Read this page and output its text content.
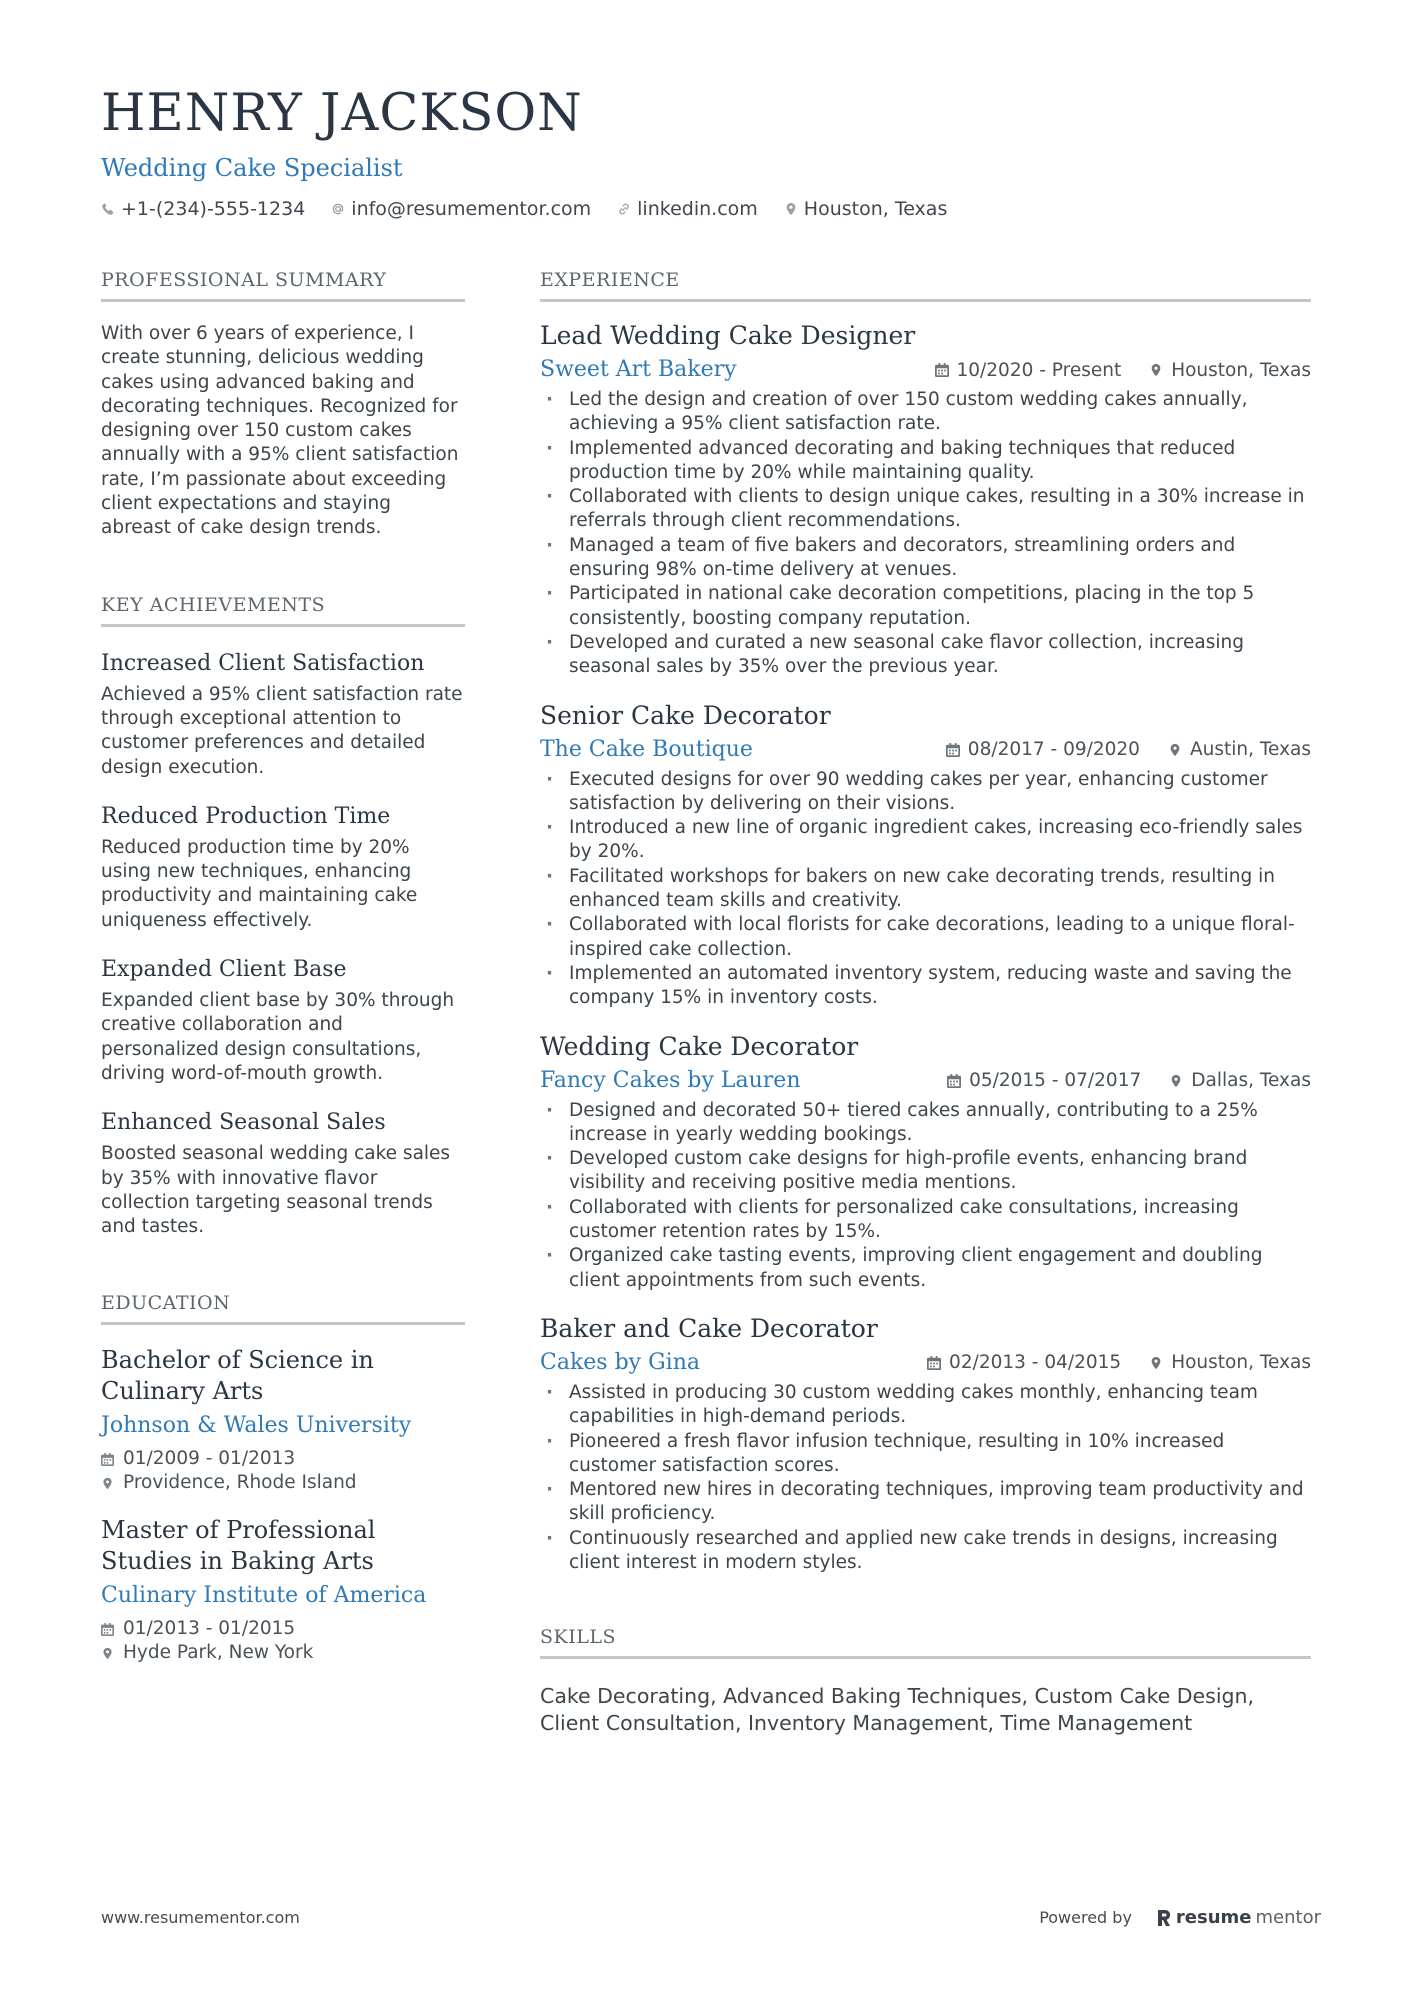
HENRY JACKSON
Wedding Cake Specialist
+1-(234)-555-1234 info@resumementor.com linkedin.com Houston, Texas
PROFESSIONAL SUMMARY
With over 6 years of experience, I create stunning, delicious wedding cakes using advanced baking and decorating techniques. Recognized for designing over 150 custom cakes annually with a 95% client satisfaction rate, I’m passionate about exceeding client expectations and staying abreast of cake design trends.
KEY ACHIEVEMENTS
Increased Client Satisfaction
Achieved a 95% client satisfaction rate through exceptional attention to customer preferences and detailed design execution.
Reduced Production Time
Reduced production time by 20% using new techniques, enhancing productivity and maintaining cake uniqueness effectively.
Expanded Client Base
Expanded client base by 30% through creative collaboration and personalized design consultations, driving word-of-mouth growth.
Enhanced Seasonal Sales
Boosted seasonal wedding cake sales by 35% with innovative flavor collection targeting seasonal trends and tastes.
EDUCATION
Bachelor of Science in Culinary Arts
Johnson & Wales University
01/2009 - 01/2013
Providence, Rhode Island
Master of Professional Studies in Baking Arts
Culinary Institute of America
01/2013 - 01/2015
Hyde Park, New York
EXPERIENCE
Lead Wedding Cake Designer
Sweet Art Bakery	10/2020 - Present	Houston, Texas
· Led the design and creation of over 150 custom wedding cakes annually, achieving a 95% client satisfaction rate.
· Implemented advanced decorating and baking techniques that reduced production time by 20% while maintaining quality.
· Collaborated with clients to design unique cakes, resulting in a 30% increase in referrals through client recommendations.
· Managed a team of five bakers and decorators, streamlining orders and ensuring 98% on-time delivery at venues.
· Participated in national cake decoration competitions, placing in the top 5 consistently, boosting company reputation.
· Developed and curated a new seasonal cake flavor collection, increasing seasonal sales by 35% over the previous year.
Senior Cake Decorator
The Cake Boutique	08/2017 - 09/2020	Austin, Texas
· Executed designs for over 90 wedding cakes per year, enhancing customer satisfaction by delivering on their visions.
· Introduced a new line of organic ingredient cakes, increasing eco-friendly sales by 20%.
· Facilitated workshops for bakers on new cake decorating trends, resulting in enhanced team skills and creativity.
· Collaborated with local florists for cake decorations, leading to a unique floral-inspired cake collection.
· Implemented an automated inventory system, reducing waste and saving the company 15% in inventory costs.
Wedding Cake Decorator
Fancy Cakes by Lauren	05/2015 - 07/2017	Dallas, Texas
· Designed and decorated 50+ tiered cakes annually, contributing to a 25% increase in yearly wedding bookings.
· Developed custom cake designs for high-profile events, enhancing brand visibility and receiving positive media mentions.
· Collaborated with clients for personalized cake consultations, increasing customer retention rates by 15%.
· Organized cake tasting events, improving client engagement and doubling client appointments from such events.
Baker and Cake Decorator
Cakes by Gina	02/2013 - 04/2015	Houston, Texas
· Assisted in producing 30 custom wedding cakes monthly, enhancing team capabilities in high-demand periods.
· Pioneered a fresh flavor infusion technique, resulting in 10% increased customer satisfaction scores.
· Mentored new hires in decorating techniques, improving team productivity and skill proficiency.
· Continuously researched and applied new cake trends in designs, increasing client interest in modern styles.
SKILLS
Cake Decorating, Advanced Baking Techniques, Custom Cake Design, Client Consultation, Inventory Management, Time Management
www.resumementor.com	Powered by resume mentor
